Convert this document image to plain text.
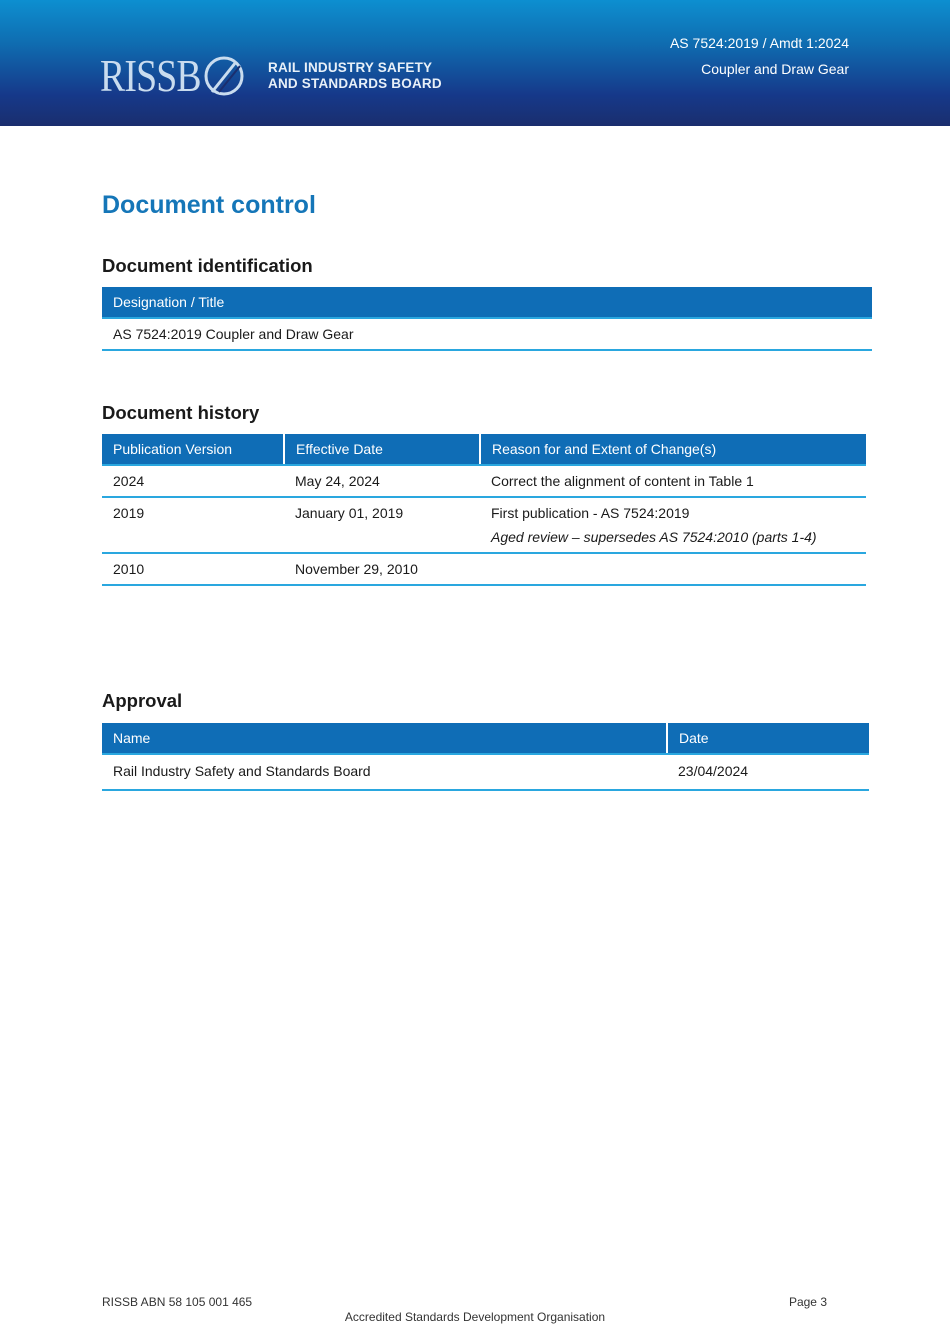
RISSB	RAIL INDUSTRY SAFETY
AND STANDARDS BOARD
AS 7524:2019 / Amdt 1:2024
Coupler and Draw Gear
Document control
Document identification
Designation / Title
AS 7524:2019 Coupler and Draw Gear
Document history
Publication Version	Effective Date	Reason for and Extent of Change(s)
2024	May 24, 2024	Correct the alignment of content in Table 1
2019	January 01, 2019	First publication - AS 7524:2019
Aged review – supersedes AS 7524:2010 (parts 1-4)

2010	November 29, 2010	
Approval
Name	Date
Rail Industry Safety and Standards Board	23/04/2024
RISSB ABN 58 105 001 465
Accredited Standards Development Organisation
Page 3
